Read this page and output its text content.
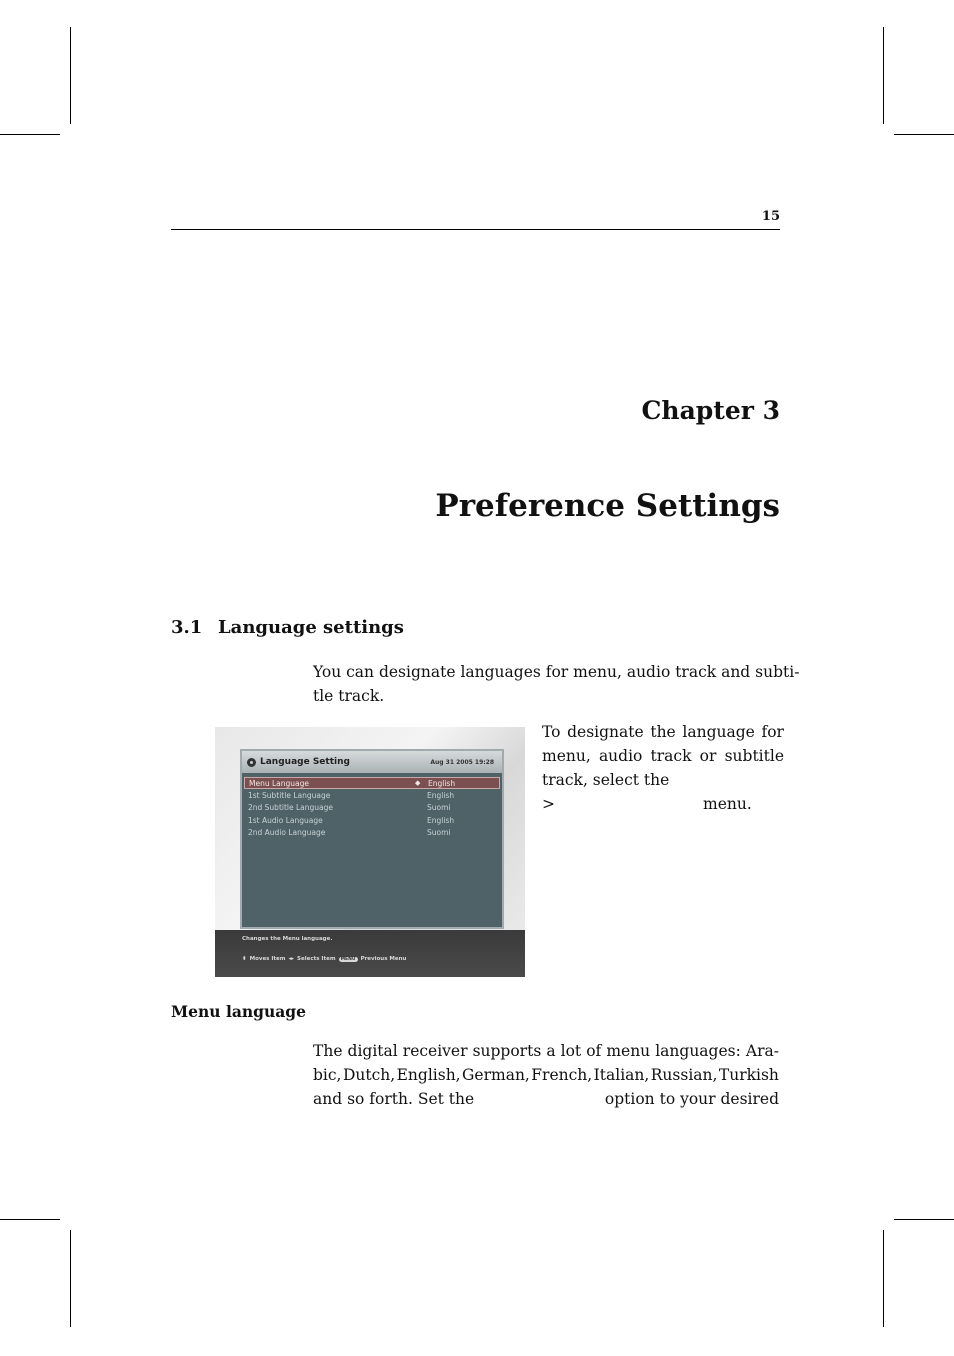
15
Chapter 3
Preference Settings
3.1 Language settings
You can designate languages for menu, audio track and subti-
tle track.
Language Setting	Aug 31 2005 19:28
Menu Language	◆	English
1st Subtitle Language	English
2nd Subtitle Language	Suomi
1st Audio Language	English
2nd Audio Language	Suomi
Changes the Menu language.
⬍ Moves Item ◂▸ Selects Item	MENU Previous Menu
To designate the language for
menu, audio track or subtitle
track, select the
>	menu.
Menu language
The digital receiver supports a lot of menu languages: Ara-
bic, Dutch, English, German, French, Italian, Russian, Turkish
and so forth. Set the	option to your desired
